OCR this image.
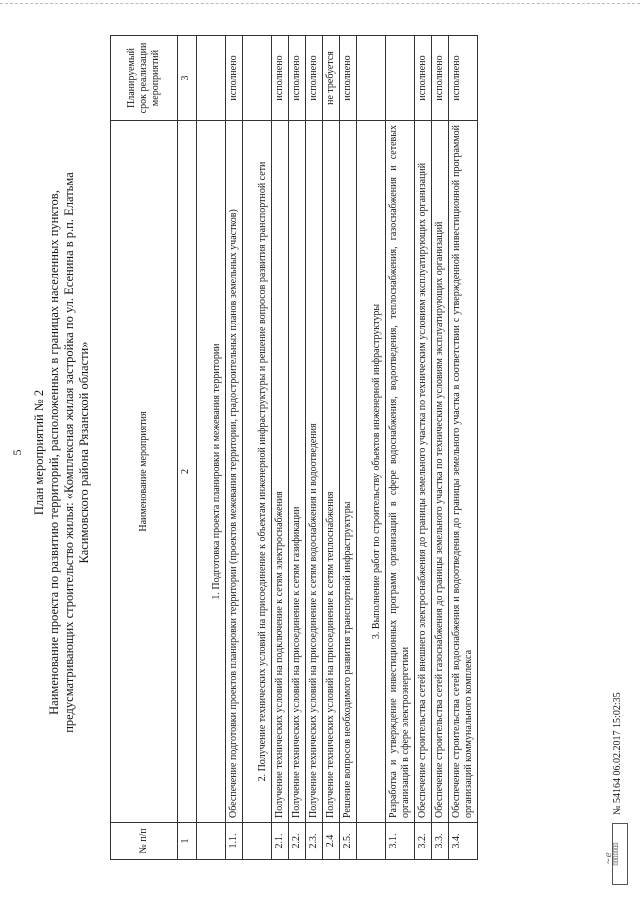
5 План мероприятий № 2 Наименование проекта по развитию территорий, расположенных в границах населенных пунктов, предусматривающих строительство жилья: «Комплексная жилая застройка по ул. Есенина в р.п. Елатьма Касимовского района Рязанской области»
№ п/п	Наименование мероприятия	Планируемый срок реализации мероприятий
1	2	3
	1. Подготовка проекта планировки и межевания территории	
1.1.	Обеспечение подготовки проектов планировки территории (проектов межевания территории, градостроительных планов земельных участков)	исполнено
	2. Получение технических условий на присоединение к объектам инженерной инфраструктуры и решение вопросов развития транспортной сети	
2.1.	Получение технических условий на подключение к сетям электроснабжения	исполнено
2.2.	Получение технических условий на присоединение к сетям газификации	исполнено
2.3.	Получение технических условий на присоединение к сетям водоснабжения и водоотведения	исполнено
2.4	Получение технических условий на присоединение к сетям теплоснабжения	не требуется
2.5.	Решение вопросов необходимого развития транспортной инфраструктуры	исполнено
	3. Выполнение работ по строительству объектов инженерной инфраструктуры	
3.1.	Разработка и утверждение инвестиционных программ организаций в сфере водоснабжения, водоотведения, теплоснабжения, газоснабжения и сетевых организаций в сфере электроэнергетики	
3.2.	Обеспечение строительства сетей внешнего электроснабжения до границы земельного участка по техническим условиям эксплуатирующих организаций	исполнено
3.3.	Обеспечение строительства сетей газоснабжения до границы земельного участка по техническим условиям эксплуатирующих организаций	исполнено
3.4.	Обеспечение строительства сетей водоснабжения и водоотведения до границы земельного участка в соответствии с утвержденной инвестиционной программой организаций коммунального комплекса	исполнено
∼ℯ ▯▯▯▯▯▯▯
№ 54164 06.02.2017 15:02:35
